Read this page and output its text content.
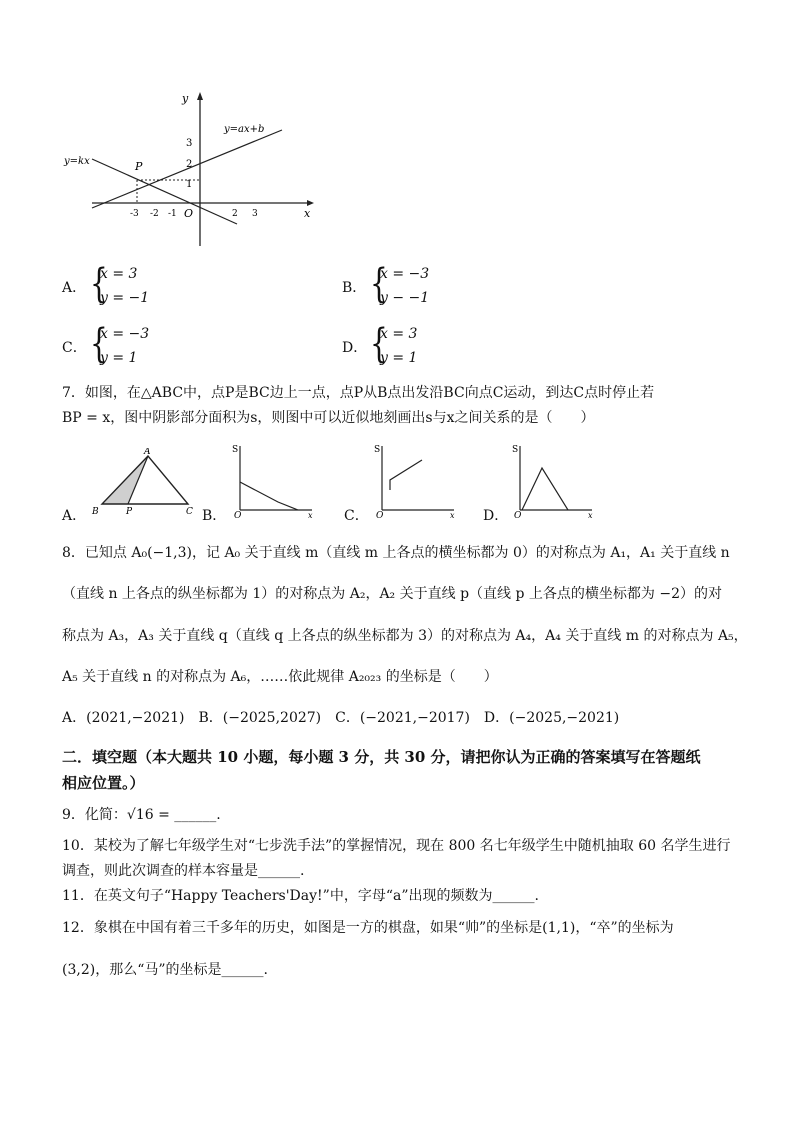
y
x
y=ax+b
y=kx	P
3
2
1
-3 -2 -1 O	2 3
A． {
x = 3
y = −1
B． {
x = −3
y − −1
C． {
x = −3
y = 1
D． {
x = 3
y = 1
7．如图，在△ABC中，点P是BC边上一点，点P从B点出发沿BC向点C运动，到达C点时停止若
BP = x，图中阴影部分面积为s，则图中可以近似地刻画出s与x之间关系的是（　　）
A．
A
B	P	C B．
S
O	x C．
S
O	x D．
S
O	x
8．已知点 A₀(−1,3)，记 A₀ 关于直线 m（直线 m 上各点的横坐标都为 0）的对称点为 A₁，A₁ 关于直线 n
（直线 n 上各点的纵坐标都为 1）的对称点为 A₂，A₂ 关于直线 p（直线 p 上各点的横坐标都为 −2）的对
称点为 A₃，A₃ 关于直线 q（直线 q 上各点的纵坐标都为 3）的对称点为 A₄，A₄ 关于直线 m 的对称点为 A₅，
A₅ 关于直线 n 的对称点为 A₆，……依此规律 A₂₀₂₃ 的坐标是（　　）
A．(2021,−2021)　B．(−2025,2027)　C．(−2021,−2017)　D．(−2025,−2021)
二．填空题（本大题共 10 小题，每小题 3 分，共 30 分，请把你认为正确的答案填写在答题纸
相应位置。）
9．化简：√16 = ______.
10．某校为了解七年级学生对“七步洗手法”的掌握情况，现在 800 名七年级学生中随机抽取 60 名学生进行
调查，则此次调查的样本容量是______.
11．在英文句子“Happy Teachers'Day!”中，字母“a”出现的频数为______.
12．象棋在中国有着三千多年的历史，如图是一方的棋盘，如果“帅”的坐标是(1,1)，“卒”的坐标为
(3,2)，那么“马”的坐标是______.
